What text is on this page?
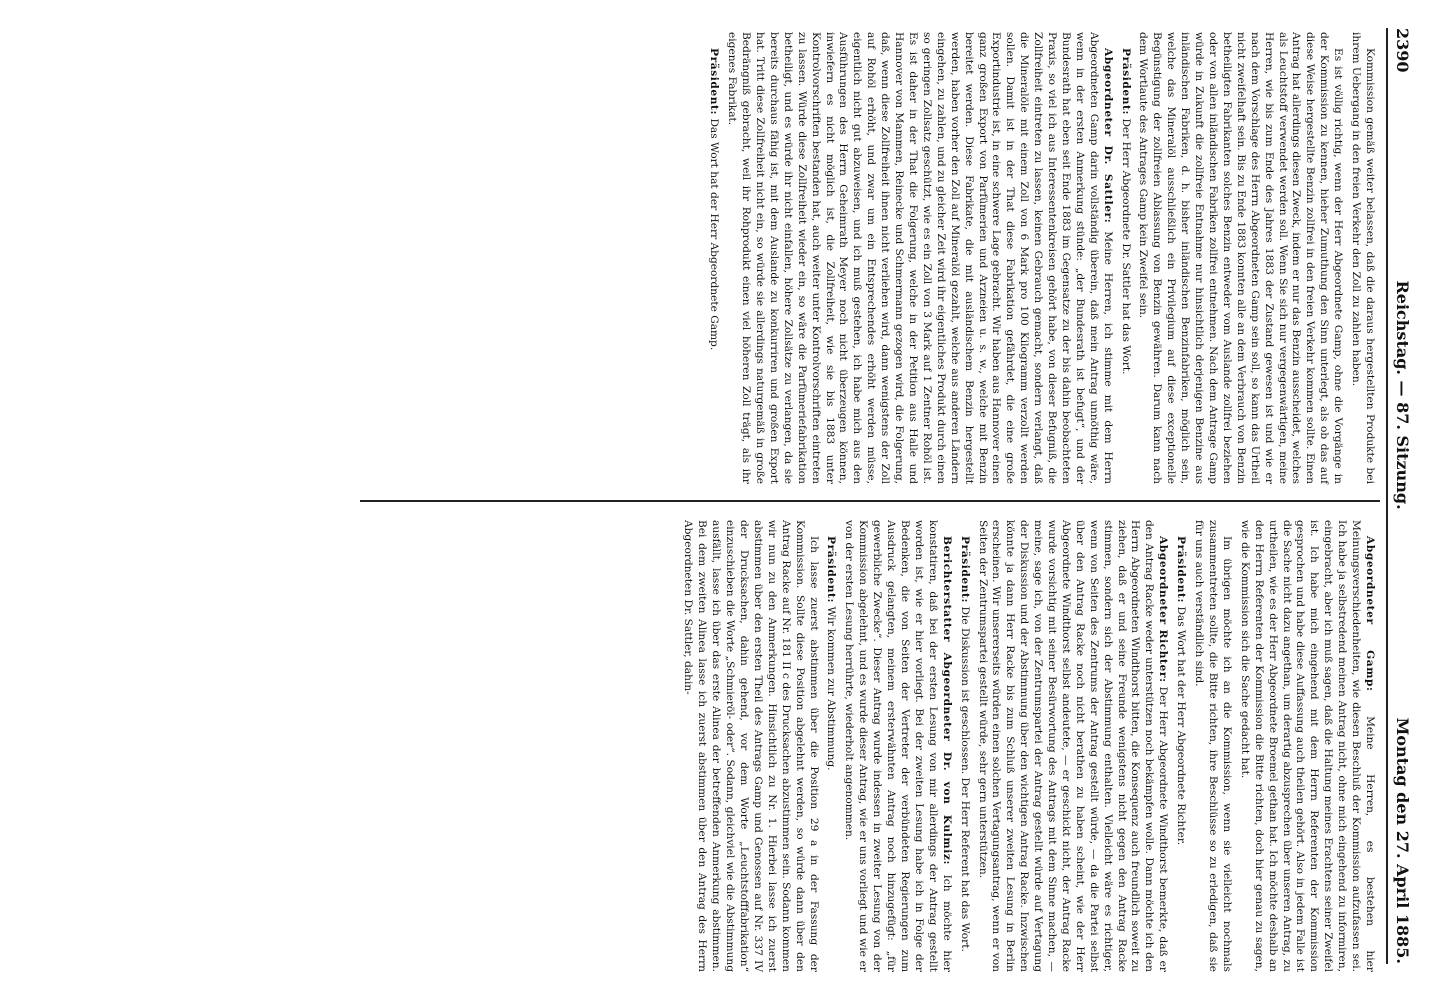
2390
Reichstag. — 87. Sitzung.
Montag den 27. April 1885.

Kommission gemäß weiter belassen, daß die daraus hergestellten Produkte bei ihrem Uebergang in den freien Verkehr den Zoll zu zahlen haben.

Es ist völlig richtig, wenn der Herr Abgeordnete Gamp, ohne die Vorgänge in der Kommission zu kennen, hieher Zumuthung den Sinn unterlegt, als ob das auf diese Weise hergestellte Benzin zollfrei in den freien Verkehr kommen sollte. Einen Antrag hat allerdings diesen Zweck, indem er nur das Benzin ausscheidet, welches als Leuchtstoff verwendet werden soll. Wenn Sie sich nur vergegenwärtigen, meine Herren, wie bis zum Ende des Jahres 1883 der Zustand gewesen ist und wie er nach dem Vorschlage des Herrn Abgeordneten Gamp sein soll, so kann das Urtheil nicht zweifelhaft sein. Bis zu Ende 1883 konnten alle an dem Verbrauch von Benzin betheiligten Fabrikanten solches Benzin entweder vom Auslande zollfrei beziehen oder von allen inländischen Fabriken zollfrei entnehmen. Nach dem Antrage Gamp würde in Zukunft die zollfreie Entnahme nur hinsichtlich derjenigen Benzine aus inländischen Fabriken, d. h. bisher inländischen Benzinfabriken, möglich sein, welche das Mineralöl ausschließlich ein Privilegium auf diese exceptionelle Begünstigung der zollfreien Ablassung von Benzin gewähren. Darum kann nach dem Wortlaute des Antrages Gamp kein Zweifel sein.

Präsident: Der Herr Abgeordnete Dr. Sattler hat das Wort.

Abgeordneter Dr. Sattler: Meine Herren, ich stimme mit dem Herrn Abgeordneten Gamp darin vollständig überein, daß mein Antrag unnöthig wäre, wenn in der ersten Anmerkung stünde: „der Bundesrath ist befugt“, und der Bundesrath hat eben seit Ende 1883 im Gegensatze zu der bis dahin beobachteten Praxis, so viel ich aus Interessentenkreisen gehört habe, von dieser Befugniß, die Zollfreiheit eintreten zu lassen, keinen Gebrauch gemacht, sondern verlangt, daß die Mineralöle mit einem Zoll von 6 Mark pro 100 Kilogramm verzollt werden sollen. Damit ist in der That diese Fabrikation gefährdet, die eine große Exportindustrie ist, in eine schwere Lage gebracht. Wir haben aus Hannover einen ganz großen Export von Parfümerien und Arzneien u. s. w., welche mit Benzin bereitet werden. Diese Fabrikate, die mit ausländischem Benzin hergestellt werden, haben vorher den Zoll auf Mineralöl gezahlt, welche aus anderen Ländern eingehen, zu zahlen, und zu gleicher Zeit wird ihr eigentliches Produkt durch einen so geringen Zollsatz geschützt, wie es ein Zoll von 3 Mark auf 1 Zentner Rohöl ist. Es ist daher in der That die Folgerung, welche in der Petition aus Halle und Hannover von Mammen, Reinecke und Schmermann gezogen wird, die Folgerung, daß, wenn diese Zollfreiheit ihnen nicht verliehen wird, dann wenigstens der Zoll auf Rohöl erhöht, und zwar um ein Entsprechendes erhöht werden müsse, eigentlich nicht gut abzuweisen, und ich muß gestehen, ich habe mich aus den Ausführungen des Herrn Geheimrath Meyer noch nicht überzeugen können, inwiefern es nicht möglich ist, die Zollfreiheit, wie sie bis 1883 unter Kontrolvorschriften bestanden hat, auch weiter unter Kontrolvorschriften eintreten zu lassen. Würde diese Zollfreiheit wieder ein, so wäre die Parfümeriefabrikation betheiligt, und es würde ihr nicht einfallen, höhere Zollsätze zu verlangen, da sie bereits durchaus fähig ist, mit dem Auslande zu konkurriren und großen Export hat. Tritt diese Zollfreiheit nicht ein, so würde sie allerdings naturgemäß in große Bedrängniß gebracht, weil ihr Rohprodukt einen viel höheren Zoll trägt, als ihr eigenes Fabrikat.

Präsident: Das Wort hat der Herr Abgeordnete Gamp.

Abgeordneter Gamp: Meine Herren, es bestehen hier Meinungsverschiedenheiten, wie diesen Beschluß der Kommission aufzufassen sei. Ich habe ja selbstredend meinen Antrag nicht, ohne mich eingehend zu informiren, eingebracht, aber ich muß sagen, daß die Haltung meines Erachtens seiner Zweifel ist. Ich habe mich eingehend mit dem Herrn Referenten der Kommission gesprochen und habe diese Auffassung auch theilen gehört. Also in jedem Falle ist die Sache nicht dazu angethan, um derartig abzusprechen über unseren Antrag, zu urtheilen, wie es der Herr Abgeordnete Broemel gethan hat. Ich möchte deshalb an den Herrn Referenten der Kommission die Bitte richten, doch hier genau zu sagen, wie die Kommission sich die Sache gedacht hat.

Im übrigen möchte ich an die Kommission, wenn sie vielleicht nochmals zusammentreten sollte, die Bitte richten, ihre Beschlüsse so zu erledigen, daß sie für uns auch verständlich sind.

Präsident: Das Wort hat der Herr Abgeordnete Richter.

Abgeordneter Richter: Der Herr Abgeordnete Windthorst bemerkte, daß er den Antrag Racke weder unterstützen noch bekämpfen wolle. Dann möchte ich den Herrn Abgeordneten Windthorst bitten, die Konsequenz auch freundlich soweit zu ziehen, daß er und seine Freunde wenigstens nicht gegen den Antrag Racke stimmen, sondern sich der Abstimmung enthalten. Vielleicht wäre es richtiger, wenn von Seiten des Zentrums der Antrag gestellt würde, — da die Partei selbst über den Antrag Racke noch nicht berathen zu haben scheint, wie der Herr Abgeordnete Windthorst selbst andeutete, — er geschickt nicht, der Antrag Racke wurde vorsichtig mit seiner Besürwortung des Antrags mit dem Sinne machen, — meine, sage ich, von der Zentrumspartei der Antrag gestellt würde auf Vertagung der Diskussion und der Abstimmung über den wichtigen Antrag Racke. Inzwischen könnte ja dann Herr Racke bis zum Schluß unserer zweiten Lesung in Berlin erscheinen. Wir unsererseits würden einen solchen Vertagungsantrag, wenn er von Seiten der Zentrumspartei gestellt würde, sehr gern unterstützen.

Präsident: Die Diskussion ist geschlossen. Der Herr Referent hat das Wort.

Berichterstatter Abgeordneter Dr. von Kulmiz: Ich möchte hier konstatiren, daß bei der ersten Lesung von mir allerdings der Antrag gestellt worden ist, wie er hier vorliegt. Bei der zweiten Lesung habe ich in Folge der Bedenken, die von Seiten der Vertreter der verbündeten Regierungen zum Ausdruck gelangten, meinem ersterwähnten Antrag noch hinzugefügt: „für gewerbliche Zwecke“. Dieser Antrag wurde indessen in zweiter Lesung von der Kommission abgelehnt, und es wurde dieser Antrag, wie er uns vorliegt und wie er von der ersten Lesung herrührte, wiederholt angenommen.

Präsident: Wir kommen zur Abstimmung.

Ich lasse zuerst abstimmen über die Position 29 a in der Fassung der Kommission. Sollte diese Position abgelehnt werden, so würde dann über den Antrag Racke auf Nr. 181 II c des Drucksachen abzustimmen sein. Sodann kommen wir nun zu den Anmerkungen. Hinsichtlich zu Nr. 1. Hierbei lasse ich zuerst abstimmen über den ersten Theil des Antrags Gamp und Genossen auf Nr. 337 IV der Drucksachen, dahin gehend, vor dem Worte „Leuchtstofffabrikation“ einzuschieben die Worte „Schmieröl- oder“. Sodann, gleichviel wie die Abstimmung ausfällt, lasse ich über das erste Alinea der betreffenden Anmerkung abstimmen. Bei dem zweiten Alinea lasse ich zuerst abstimmen über den Antrag des Herrn Abgeordneten Dr. Sattler, dahin-
